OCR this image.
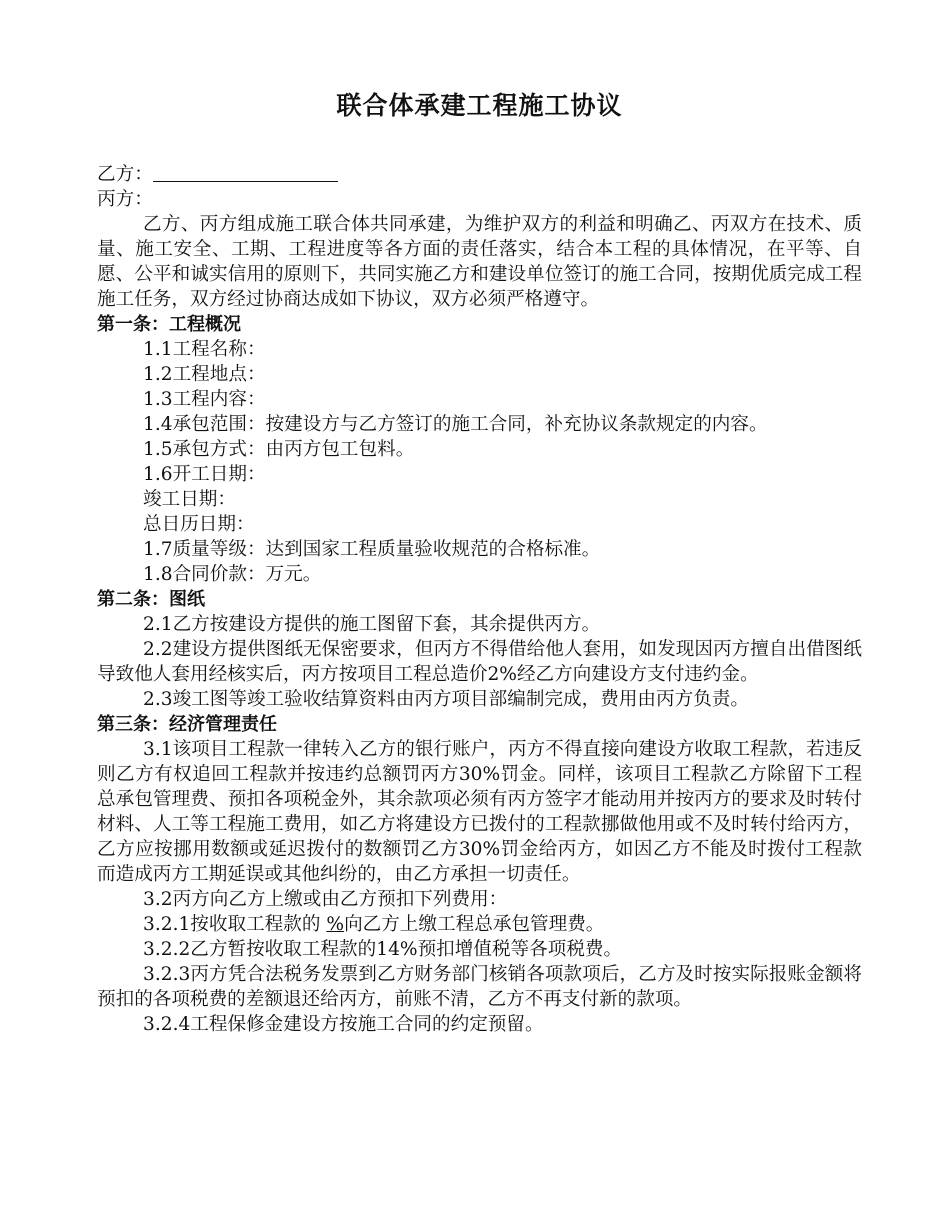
联合体承建工程施工协议

乙方：

丙方：

乙方、丙方组成施工联合体共同承建，为维护双方的利益和明确乙、丙双方在技术、质量、施工安全、工期、工程进度等各方面的责任落实，结合本工程的具体情况，在平等、自愿、公平和诚实信用的原则下，共同实施乙方和建设单位签订的施工合同，按期优质完成工程施工任务，双方经过协商达成如下协议，双方必须严格遵守。

第一条：工程概况

1.1工程名称：

1.2工程地点：

1.3工程内容：

1.4承包范围：按建设方与乙方签订的施工合同，补充协议条款规定的内容。

1.5承包方式：由丙方包工包料。

1.6开工日期：

竣工日期：

总日历日期：

1.7质量等级：达到国家工程质量验收规范的合格标准。

1.8合同价款：万元。

第二条：图纸

2.1乙方按建设方提供的施工图留下套，其余提供丙方。

2.2建设方提供图纸无保密要求，但丙方不得借给他人套用，如发现因丙方擅自出借图纸导致他人套用经核实后，丙方按项目工程总造价2%经乙方向建设方支付违约金。

2.3竣工图等竣工验收结算资料由丙方项目部编制完成，费用由丙方负责。

第三条：经济管理责任

3.1该项目工程款一律转入乙方的银行账户，丙方不得直接向建设方收取工程款，若违反则乙方有权追回工程款并按违约总额罚丙方30%罚金。同样，该项目工程款乙方除留下工程总承包管理费、预扣各项税金外，其余款项必须有丙方签字才能动用并按丙方的要求及时转付材料、人工等工程施工费用，如乙方将建设方已拨付的工程款挪做他用或不及时转付给丙方，乙方应按挪用数额或延迟拨付的数额罚乙方30%罚金给丙方，如因乙方不能及时拨付工程款而造成丙方工期延误或其他纠纷的，由乙方承担一切责任。

3.2丙方向乙方上缴或由乙方预扣下列费用：

3.2.1按收取工程款的 %向乙方上缴工程总承包管理费。

3.2.2乙方暂按收取工程款的14%预扣增值税等各项税费。

3.2.3丙方凭合法税务发票到乙方财务部门核销各项款项后，乙方及时按实际报账金额将预扣的各项税费的差额退还给丙方，前账不清，乙方不再支付新的款项。

3.2.4工程保修金建设方按施工合同的约定预留。
